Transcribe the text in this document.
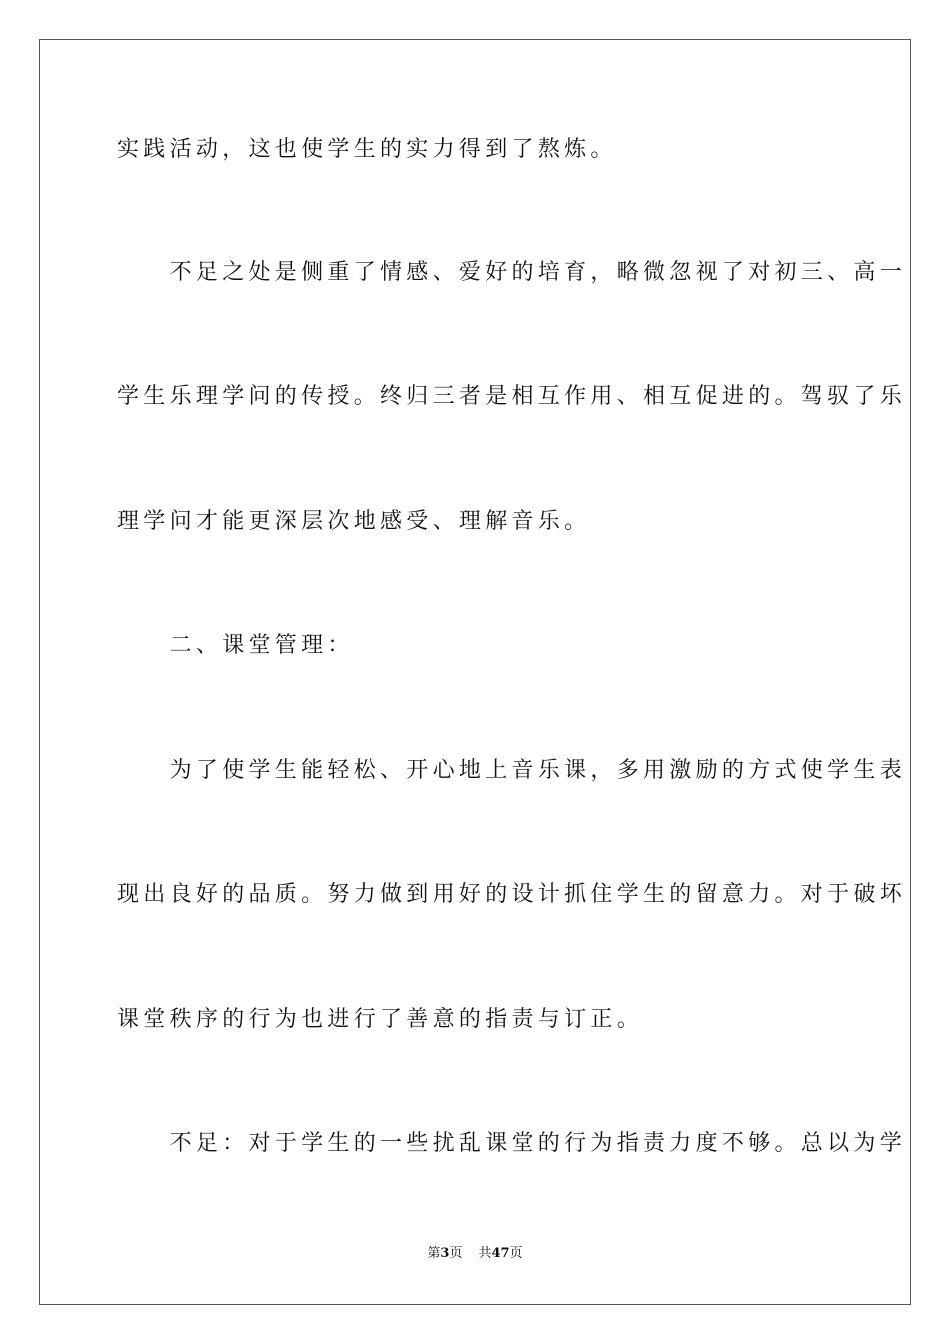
实践活动，这也使学生的实力得到了熬炼。
　　不足之处是侧重了情感、爱好的培育，略微忽视了对初三、高一
学生乐理学问的传授。终归三者是相互作用、相互促进的。驾驭了乐
理学问才能更深层次地感受、理解音乐。
　　二、课堂管理：
　　为了使学生能轻松、开心地上音乐课，多用激励的方式使学生表
现出良好的品质。努力做到用好的设计抓住学生的留意力。对于破坏
课堂秩序的行为也进行了善意的指责与订正。
　　不足：对于学生的一些扰乱课堂的行为指责力度不够。总以为学
第3页 共47页
